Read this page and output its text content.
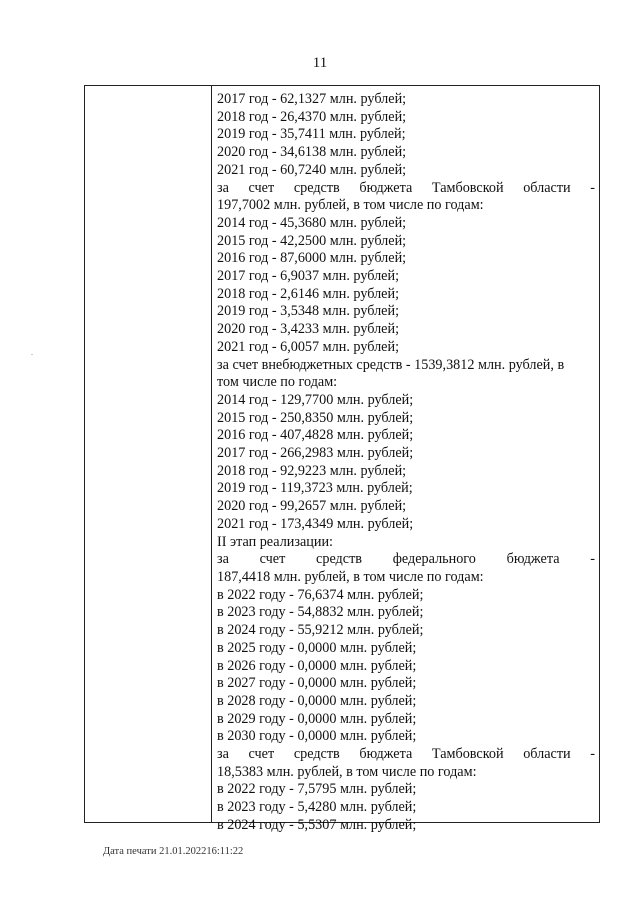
11
.
2017 год - 62,1327 млн. рублей;
2018 год - 26,4370 млн. рублей;
2019 год - 35,7411 млн. рублей;
2020 год - 34,6138 млн. рублей;
2021 год - 60,7240 млн. рублей;
за счет средств бюджета Тамбовской области -
197,7002 млн. рублей, в том числе по годам:
2014 год - 45,3680 млн. рублей;
2015 год - 42,2500 млн. рублей;
2016 год - 87,6000 млн. рублей;
2017 год - 6,9037 млн. рублей;
2018 год - 2,6146 млн. рублей;
2019 год - 3,5348 млн. рублей;
2020 год - 3,4233 млн. рублей;
2021 год - 6,0057 млн. рублей;
за счет внебюджетных средств - 1539,3812 млн. рублей, в
том числе по годам:
2014 год - 129,7700 млн. рублей;
2015 год - 250,8350 млн. рублей;
2016 год - 407,4828 млн. рублей;
2017 год - 266,2983 млн. рублей;
2018 год - 92,9223 млн. рублей;
2019 год - 119,3723 млн. рублей;
2020 год - 99,2657 млн. рублей;
2021 год - 173,4349 млн. рублей;
II этап реализации:
за счет средств федерального бюджета -
187,4418 млн. рублей, в том числе по годам:
в 2022 году - 76,6374 млн. рублей;
в 2023 году - 54,8832 млн. рублей;
в 2024 году - 55,9212 млн. рублей;
в 2025 году - 0,0000 млн. рублей;
в 2026 году - 0,0000 млн. рублей;
в 2027 году - 0,0000 млн. рублей;
в 2028 году - 0,0000 млн. рублей;
в 2029 году - 0,0000 млн. рублей;
в 2030 году - 0,0000 млн. рублей;
за счет средств бюджета Тамбовской области -
18,5383 млн. рублей, в том числе по годам:
в 2022 году - 7,5795 млн. рублей;
в 2023 году - 5,4280 млн. рублей;
в 2024 году - 5,5307 млн. рублей;
Дата печати 21.01.202216:11:22
